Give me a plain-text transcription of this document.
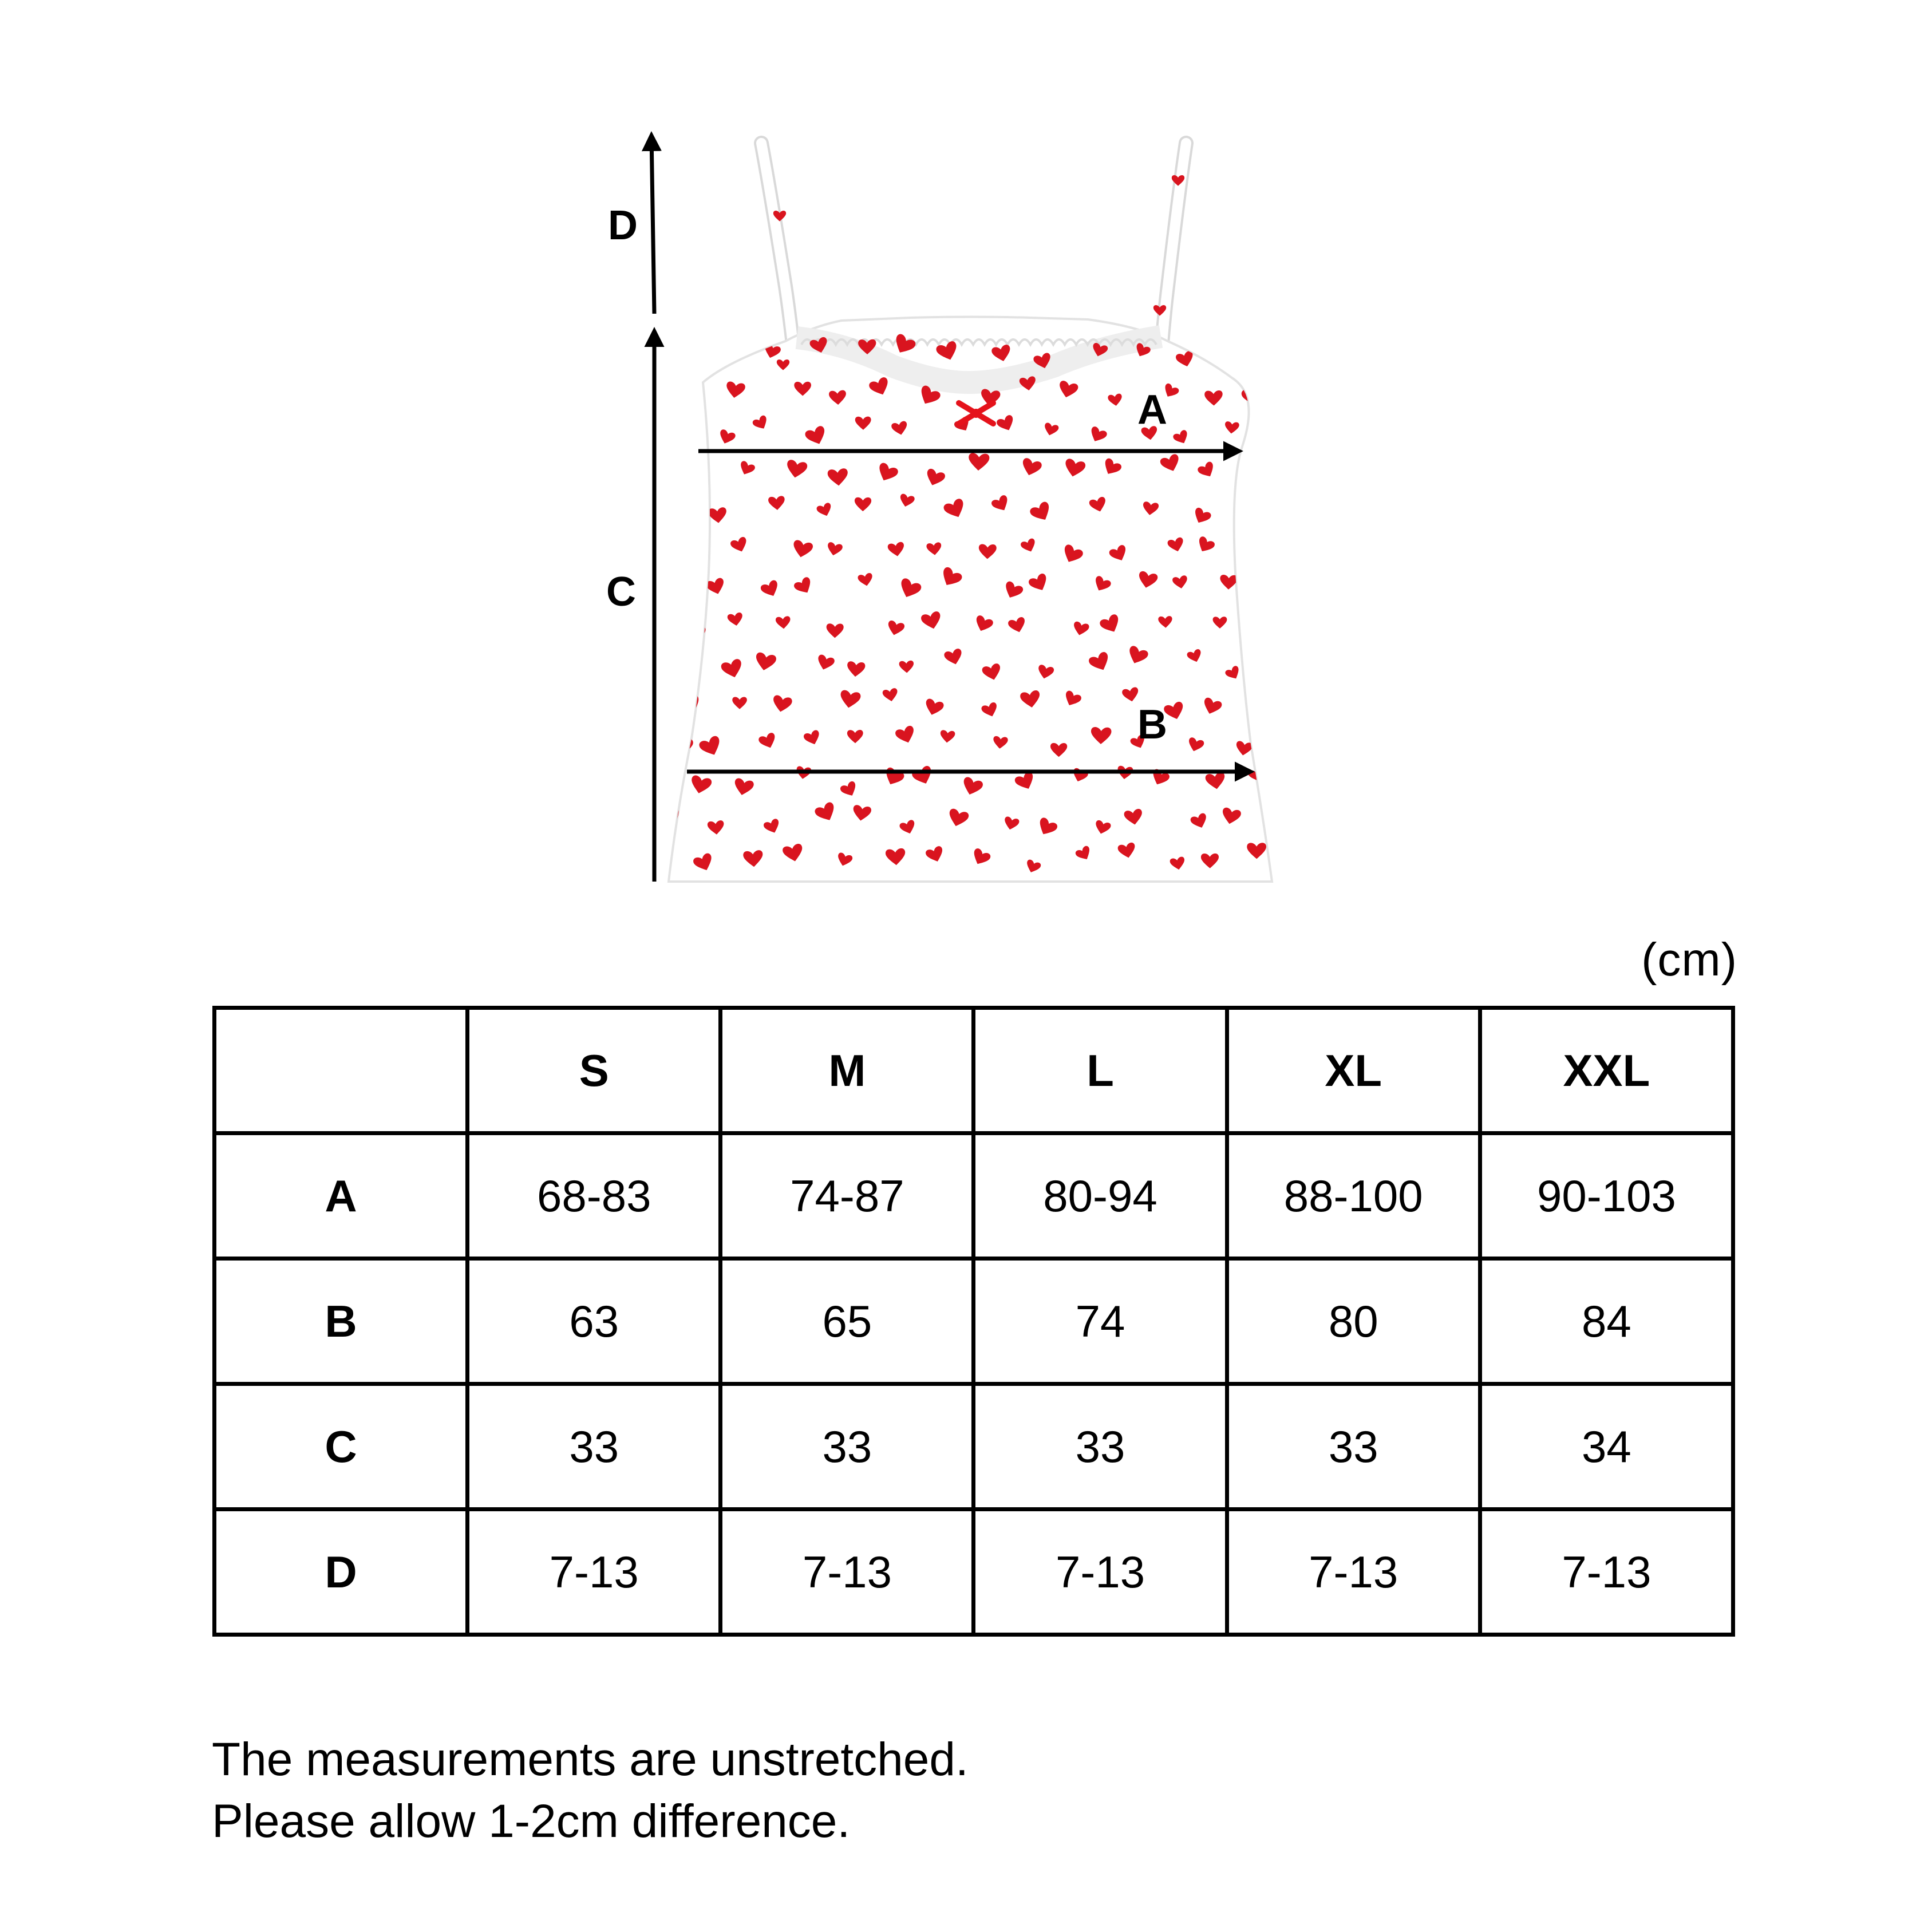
D
C
A
B
(cm)
	S	M	L	XL	XXL
A	68-83	74-87	80-94	88-100	90-103
B	63	65	74	80	84
C	33	33	33	33	34
D	7-13	7-13	7-13	7-13	7-13
The measurements are unstretched.
Please allow 1-2cm difference.
